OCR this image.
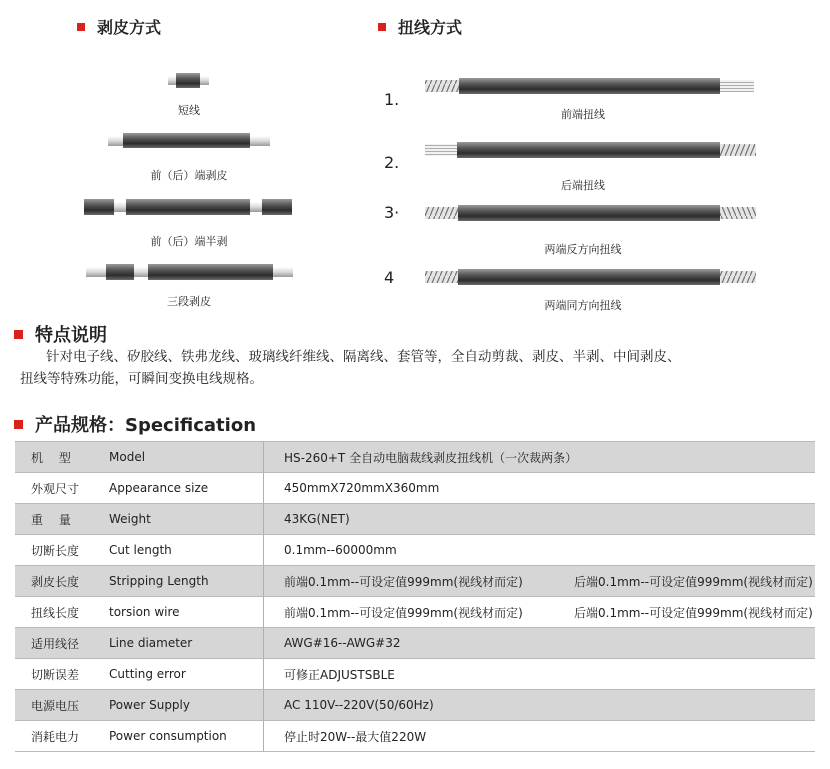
剥皮方式	扭线方式
短线
前（后）端剥皮
前（后）端半剥
三段剥皮
1.
前端扭线
2.
后端扭线
3·
两端反方向扭线
4
两端同方向扭线
特点说明
针对电子线、矽胶线、铁弗龙线、玻璃线纤维线、隔离线、套管等，全自动剪裁、剥皮、半剥、中间剥皮、
扭线等特殊功能，可瞬间变换电线规格。
产品规格：Specification
机　 型	Model	HS-260+T 全自动电脑裁线剥皮扭线机（一次裁两条）
外观尺寸	Appearance size	450mmX720mmX360mm
重　 量	Weight	43KG(NET)
切断长度	Cut length	0.1mm--60000mm
剥皮长度	Stripping Length	前端0.1mm--可设定值999mm(视线材而定) 后端0.1mm--可设定值999mm(视线材而定)

扭线长度	torsion wire	前端0.1mm--可设定值999mm(视线材而定) 后端0.1mm--可设定值999mm(视线材而定)

适用线径	Line diameter	AWG#16--AWG#32
切断误差	Cutting error	可修正ADJUSTSBLE
电源电压	Power Supply	AC 110V--220V(50/60Hz)
消耗电力	Power consumption	停止时20W--最大值220W
